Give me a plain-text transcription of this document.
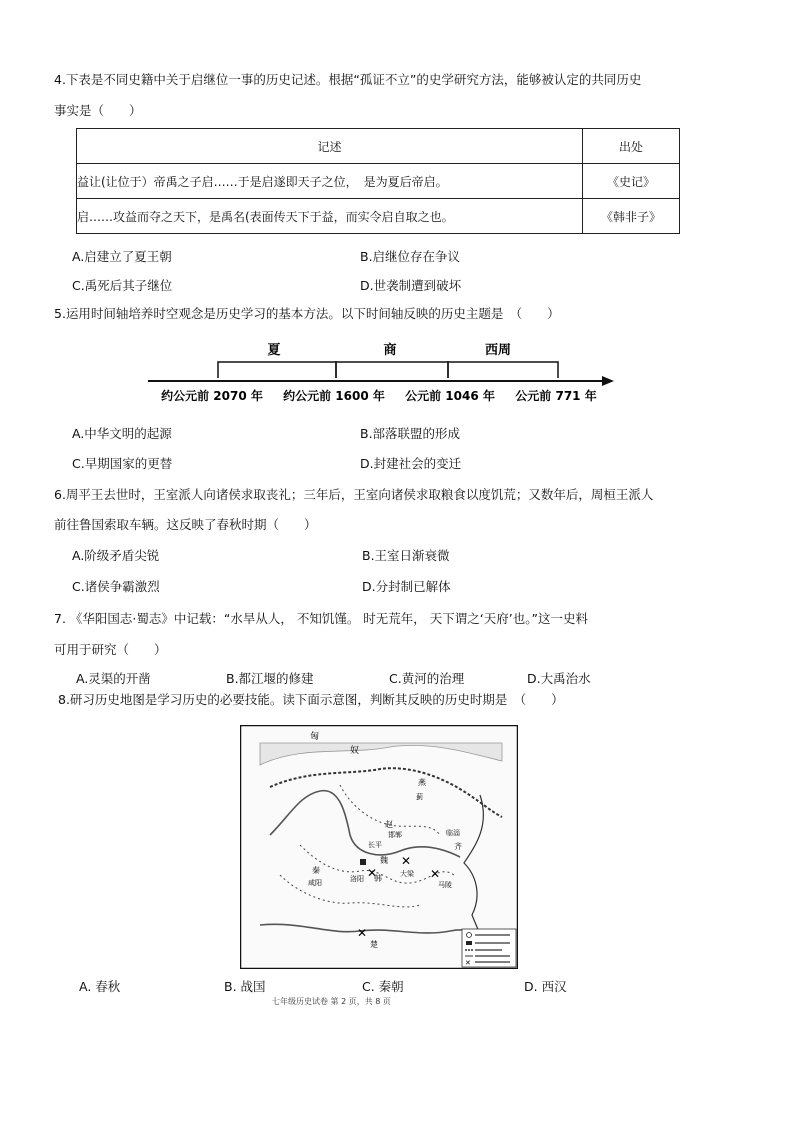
4.下表是不同史籍中关于启继位一事的历史记述。根据“孤证不立”的史学研究方法，能够被认定的共同历史
事实是（　　）
记述	出处
益让(让位于）帝禹之子启……于是启遂即天子之位，　是为夏后帝启。	《史记》
启……攻益而夺之天下，是禹名(表面传天下于益，而实令启自取之也。	《韩非子》
A.启建立了夏王朝	B.启继位存在争议
C.禹死后其子继位	D.世袭制遭到破坏
5.运用时间轴培养时空观念是历史学习的基本方法。以下时间轴反映的历史主题是　（　　）
夏	商	西周
约公元前 2070 年 约公元前 1600 年 公元前 1046 年 公元前 771 年
A.中华文明的起源	B.部落联盟的形成
C.早期国家的更替	D.封建社会的变迁
6.周平王去世时，王室派人向诸侯求取丧礼；三年后，王室向诸侯求取粮食以度饥荒；又数年后，周桓王派人
前往鲁国索取车辆。这反映了春秋时期（　　）
A.阶级矛盾尖锐	B.王室日渐衰微
C.诸侯争霸激烈	D.分封制已解体
7. 《华阳国志·蜀志》中记载：“水旱从人， 不知饥馑。 时无荒年， 天下谓之‘天府’也。”这一史料
可用于研究（　　）
A.灵渠的开凿	B.都江堰的修建	C.黄河的治理	D.大禹治水
8.研习历史地图是学习历史的必要技能。读下面示意图，判断其反映的历史时期是　（　　）
✕
✕
✕
✕
匈
奴
燕
蓟
赵
邯郸	临淄
齐
秦
咸阳	洛阳 韩
魏
大梁
马陵
长平
楚
✕
A. 春秋	B. 战国	C. 秦朝	D. 西汉
七年级历史试卷 第 2 页，共 8 页
